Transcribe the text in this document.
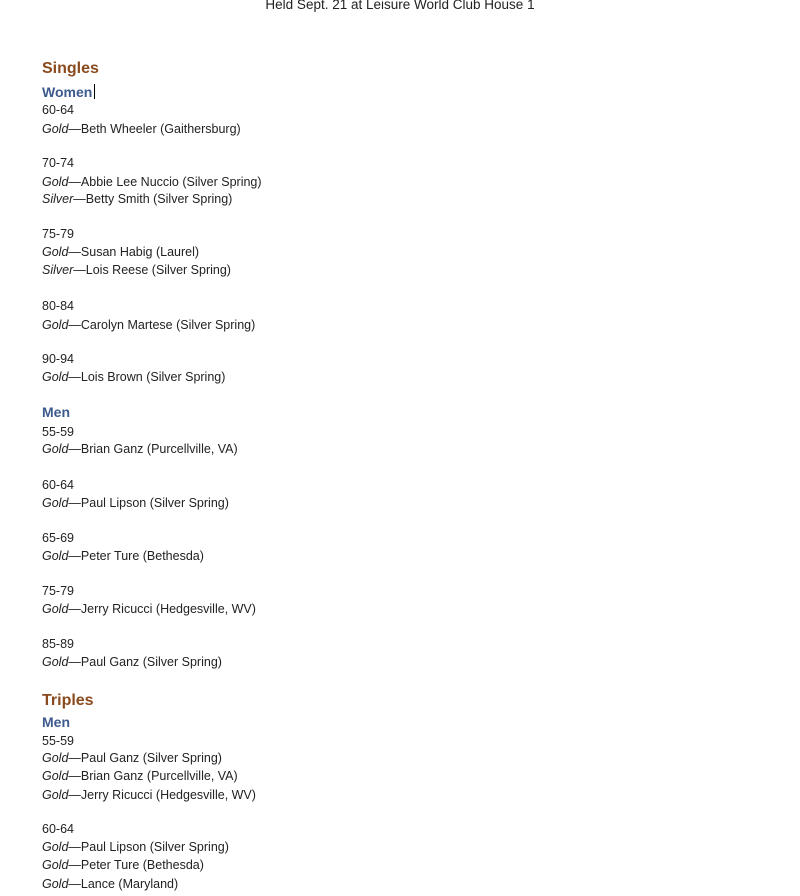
Held Sept. 21 at Leisure World Club House 1
Singles
Women
60-64
Gold—Beth Wheeler (Gaithersburg)
70-74
Gold—Abbie Lee Nuccio (Silver Spring)
Silver—Betty Smith (Silver Spring)
75-79
Gold—Susan Habig (Laurel)
Silver—Lois Reese (Silver Spring)
80-84
Gold—Carolyn Martese (Silver Spring)
90-94
Gold—Lois Brown (Silver Spring)
Men
55-59
Gold—Brian Ganz (Purcellville, VA)
60-64
Gold—Paul Lipson (Silver Spring)
65-69
Gold—Peter Ture (Bethesda)
75-79
Gold—Jerry Ricucci (Hedgesville, WV)
85-89
Gold—Paul Ganz (Silver Spring)
Triples
Men
55-59
Gold—Paul Ganz (Silver Spring)
Gold—Brian Ganz (Purcellville, VA)
Gold—Jerry Ricucci (Hedgesville, WV)
60-64
Gold—Paul Lipson (Silver Spring)
Gold—Peter Ture (Bethesda)
Gold—Lance (Maryland)
